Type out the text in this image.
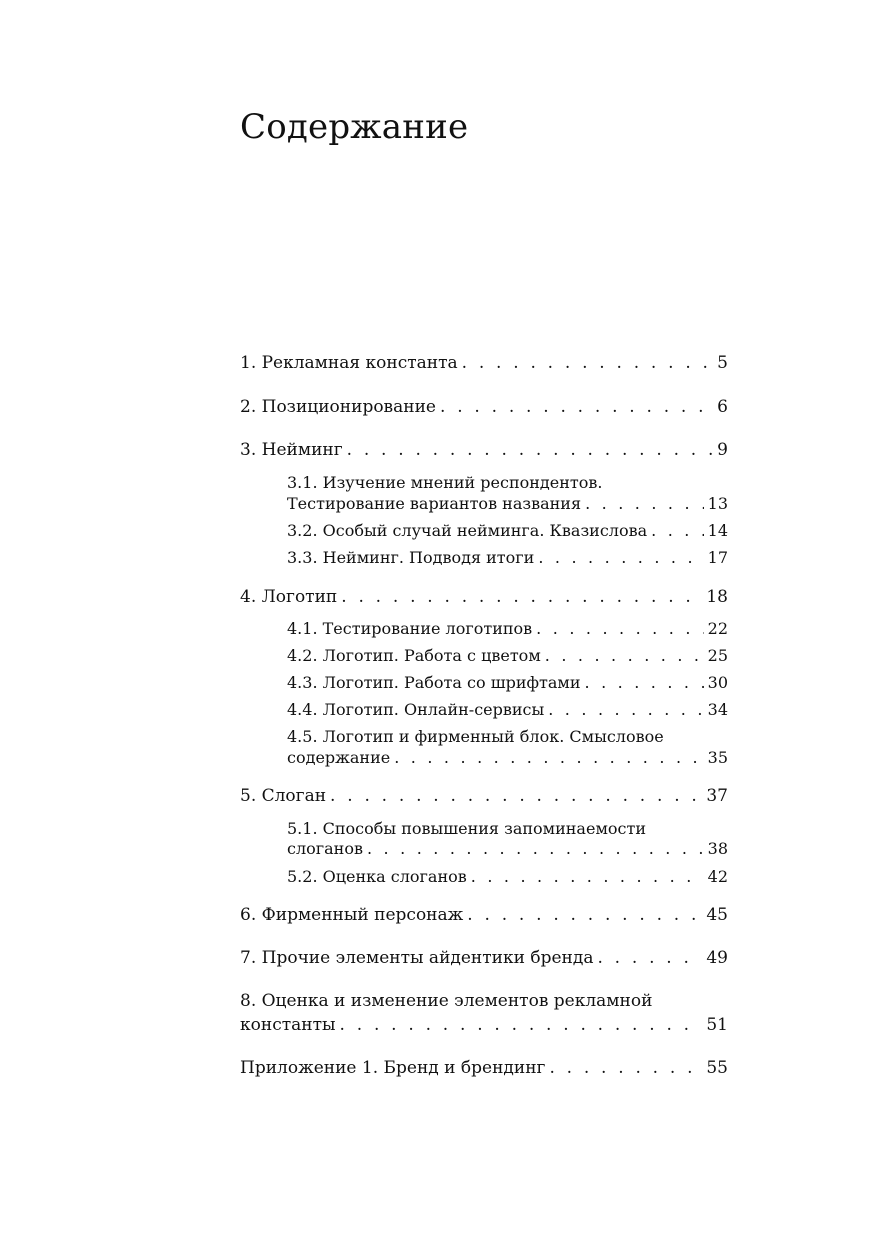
Содержание
1. Рекламная константа . . .	5
2. Позиционирование . . .	6
3. Нейминг . . .	9
3.1. Изучение мнений респондентов.
Тестирование вариантов названия . . .	13
3.2. Особый случай нейминга. Квазислова . . .	14
3.3. Нейминг. Подводя итоги . . .	17
4. Логотип . . .	18
4.1. Тестирование логотипов . . .	22
4.2. Логотип. Работа с цветом . . .	25
4.3. Логотип. Работа со шрифтами . . .	30
4.4. Логотип. Онлайн-сервисы . . .	34
4.5. Логотип и фирменный блок. Смысловое
содержание . . .	35
5. Слоган . . .	37
5.1. Способы повышения запоминаемости
слоганов . . .	38
5.2. Оценка слоганов . . .	42
6. Фирменный персонаж . . .	45
7. Прочие элементы айдентики бренда . . .	49
8. Оценка и изменение элементов рекламной
константы . . .	51
Приложение 1. Бренд и брендинг . . .	55
